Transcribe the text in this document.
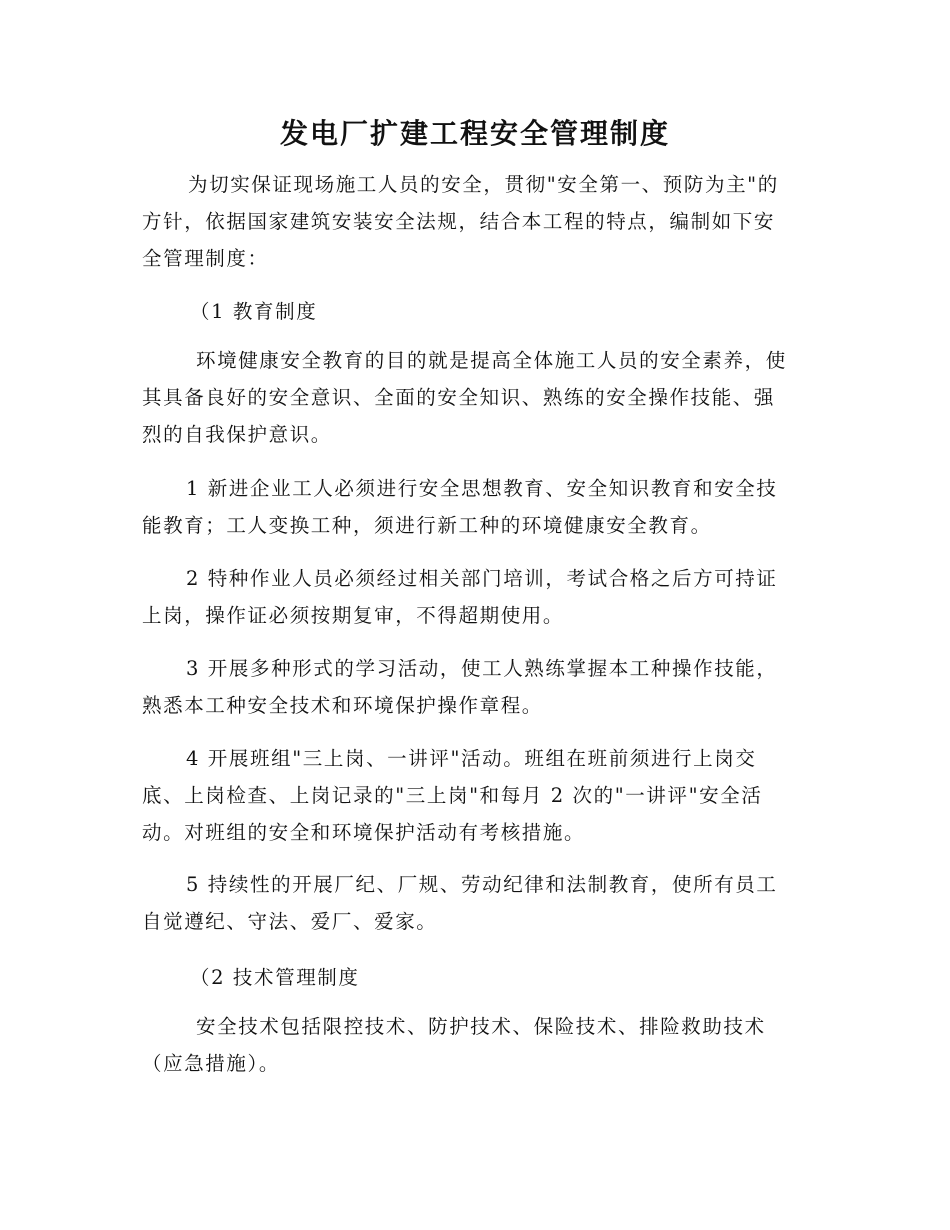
发电厂扩建工程安全管理制度

为切实保证现场施工人员的安全，贯彻"安全第一、预防为主"的
方针，依据国家建筑安装安全法规，结合本工程的特点，编制如下安
全管理制度：

（1 教育制度

环境健康安全教育的目的就是提高全体施工人员的安全素养，使
其具备良好的安全意识、全面的安全知识、熟练的安全操作技能、强
烈的自我保护意识。

1 新进企业工人必须进行安全思想教育、安全知识教育和安全技
能教育；工人变换工种，须进行新工种的环境健康安全教育。

2 特种作业人员必须经过相关部门培训，考试合格之后方可持证
上岗，操作证必须按期复审，不得超期使用。

3 开展多种形式的学习活动，使工人熟练掌握本工种操作技能，
熟悉本工种安全技术和环境保护操作章程。

4 开展班组"三上岗、一讲评"活动。班组在班前须进行上岗交
底、上岗检查、上岗记录的"三上岗"和每月 2 次的"一讲评"安全活
动。对班组的安全和环境保护活动有考核措施。

5 持续性的开展厂纪、厂规、劳动纪律和法制教育，使所有员工
自觉遵纪、守法、爱厂、爱家。

（2 技术管理制度

安全技术包括限控技术、防护技术、保险技术、排险救助技术
（应急措施）。
